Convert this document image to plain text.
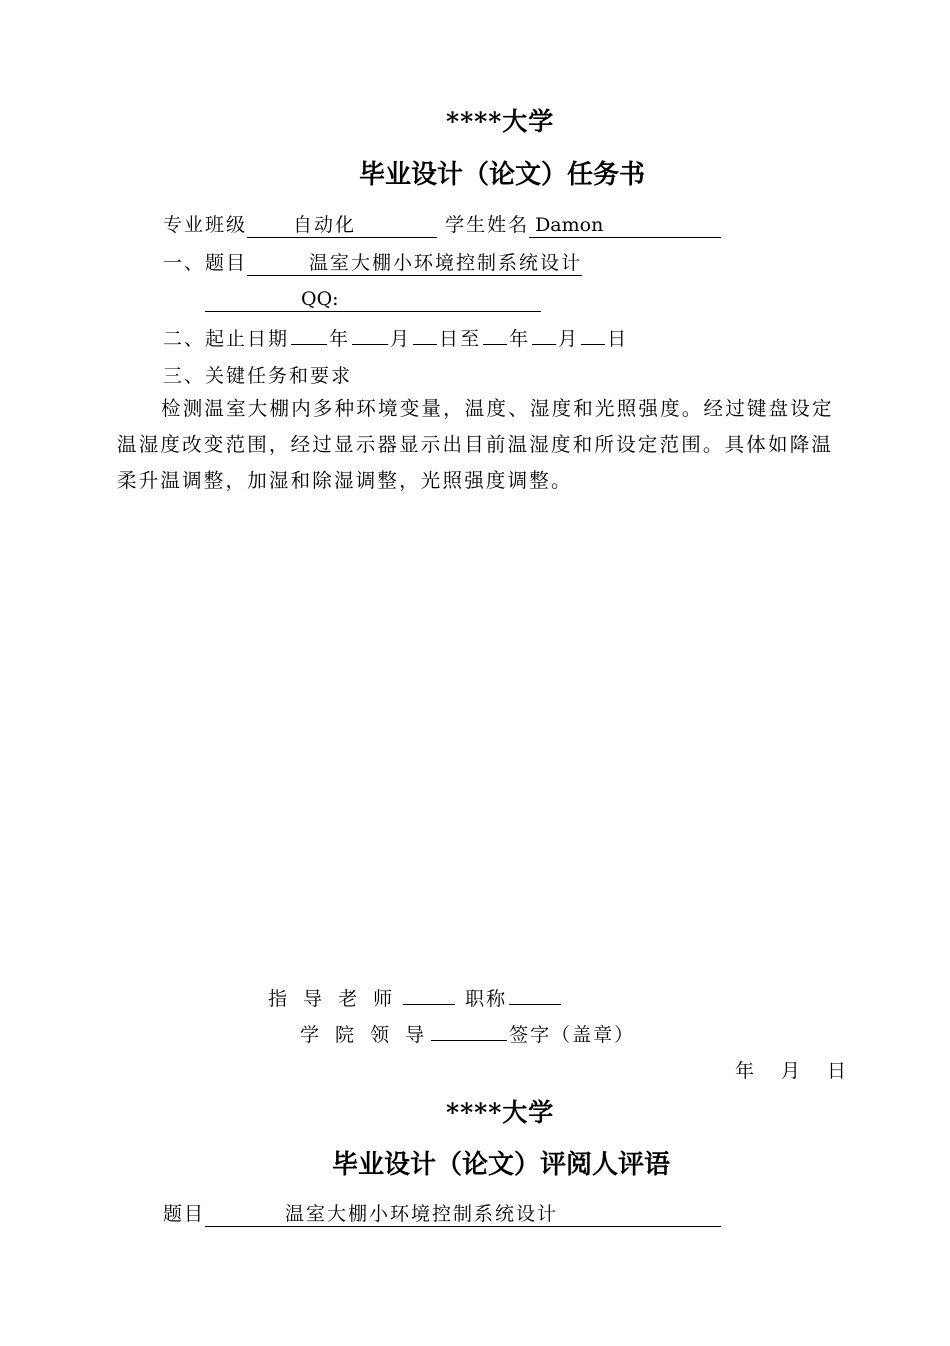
****大学
毕业设计（论文）任务书
专业班级 自动化	学生姓名 Damon
一、题目	温室大棚小环境控制系统设计
QQ:
二、起止日期 年 月 日至 年 月 日
三、关键任务和要求
检测温室大棚内多种环境变量，温度、湿度和光照强度。经过键盘设定温湿度改变范围，经过显示器显示出目前温湿度和所设定范围。具体如降温柔升温调整，加湿和除湿调整，光照强度调整。
指 导 老 师	职称
学 院 领 导	签字（盖章）
年　月　日
****大学
毕业设计（论文）评阅人评语
题目	温室大棚小环境控制系统设计
